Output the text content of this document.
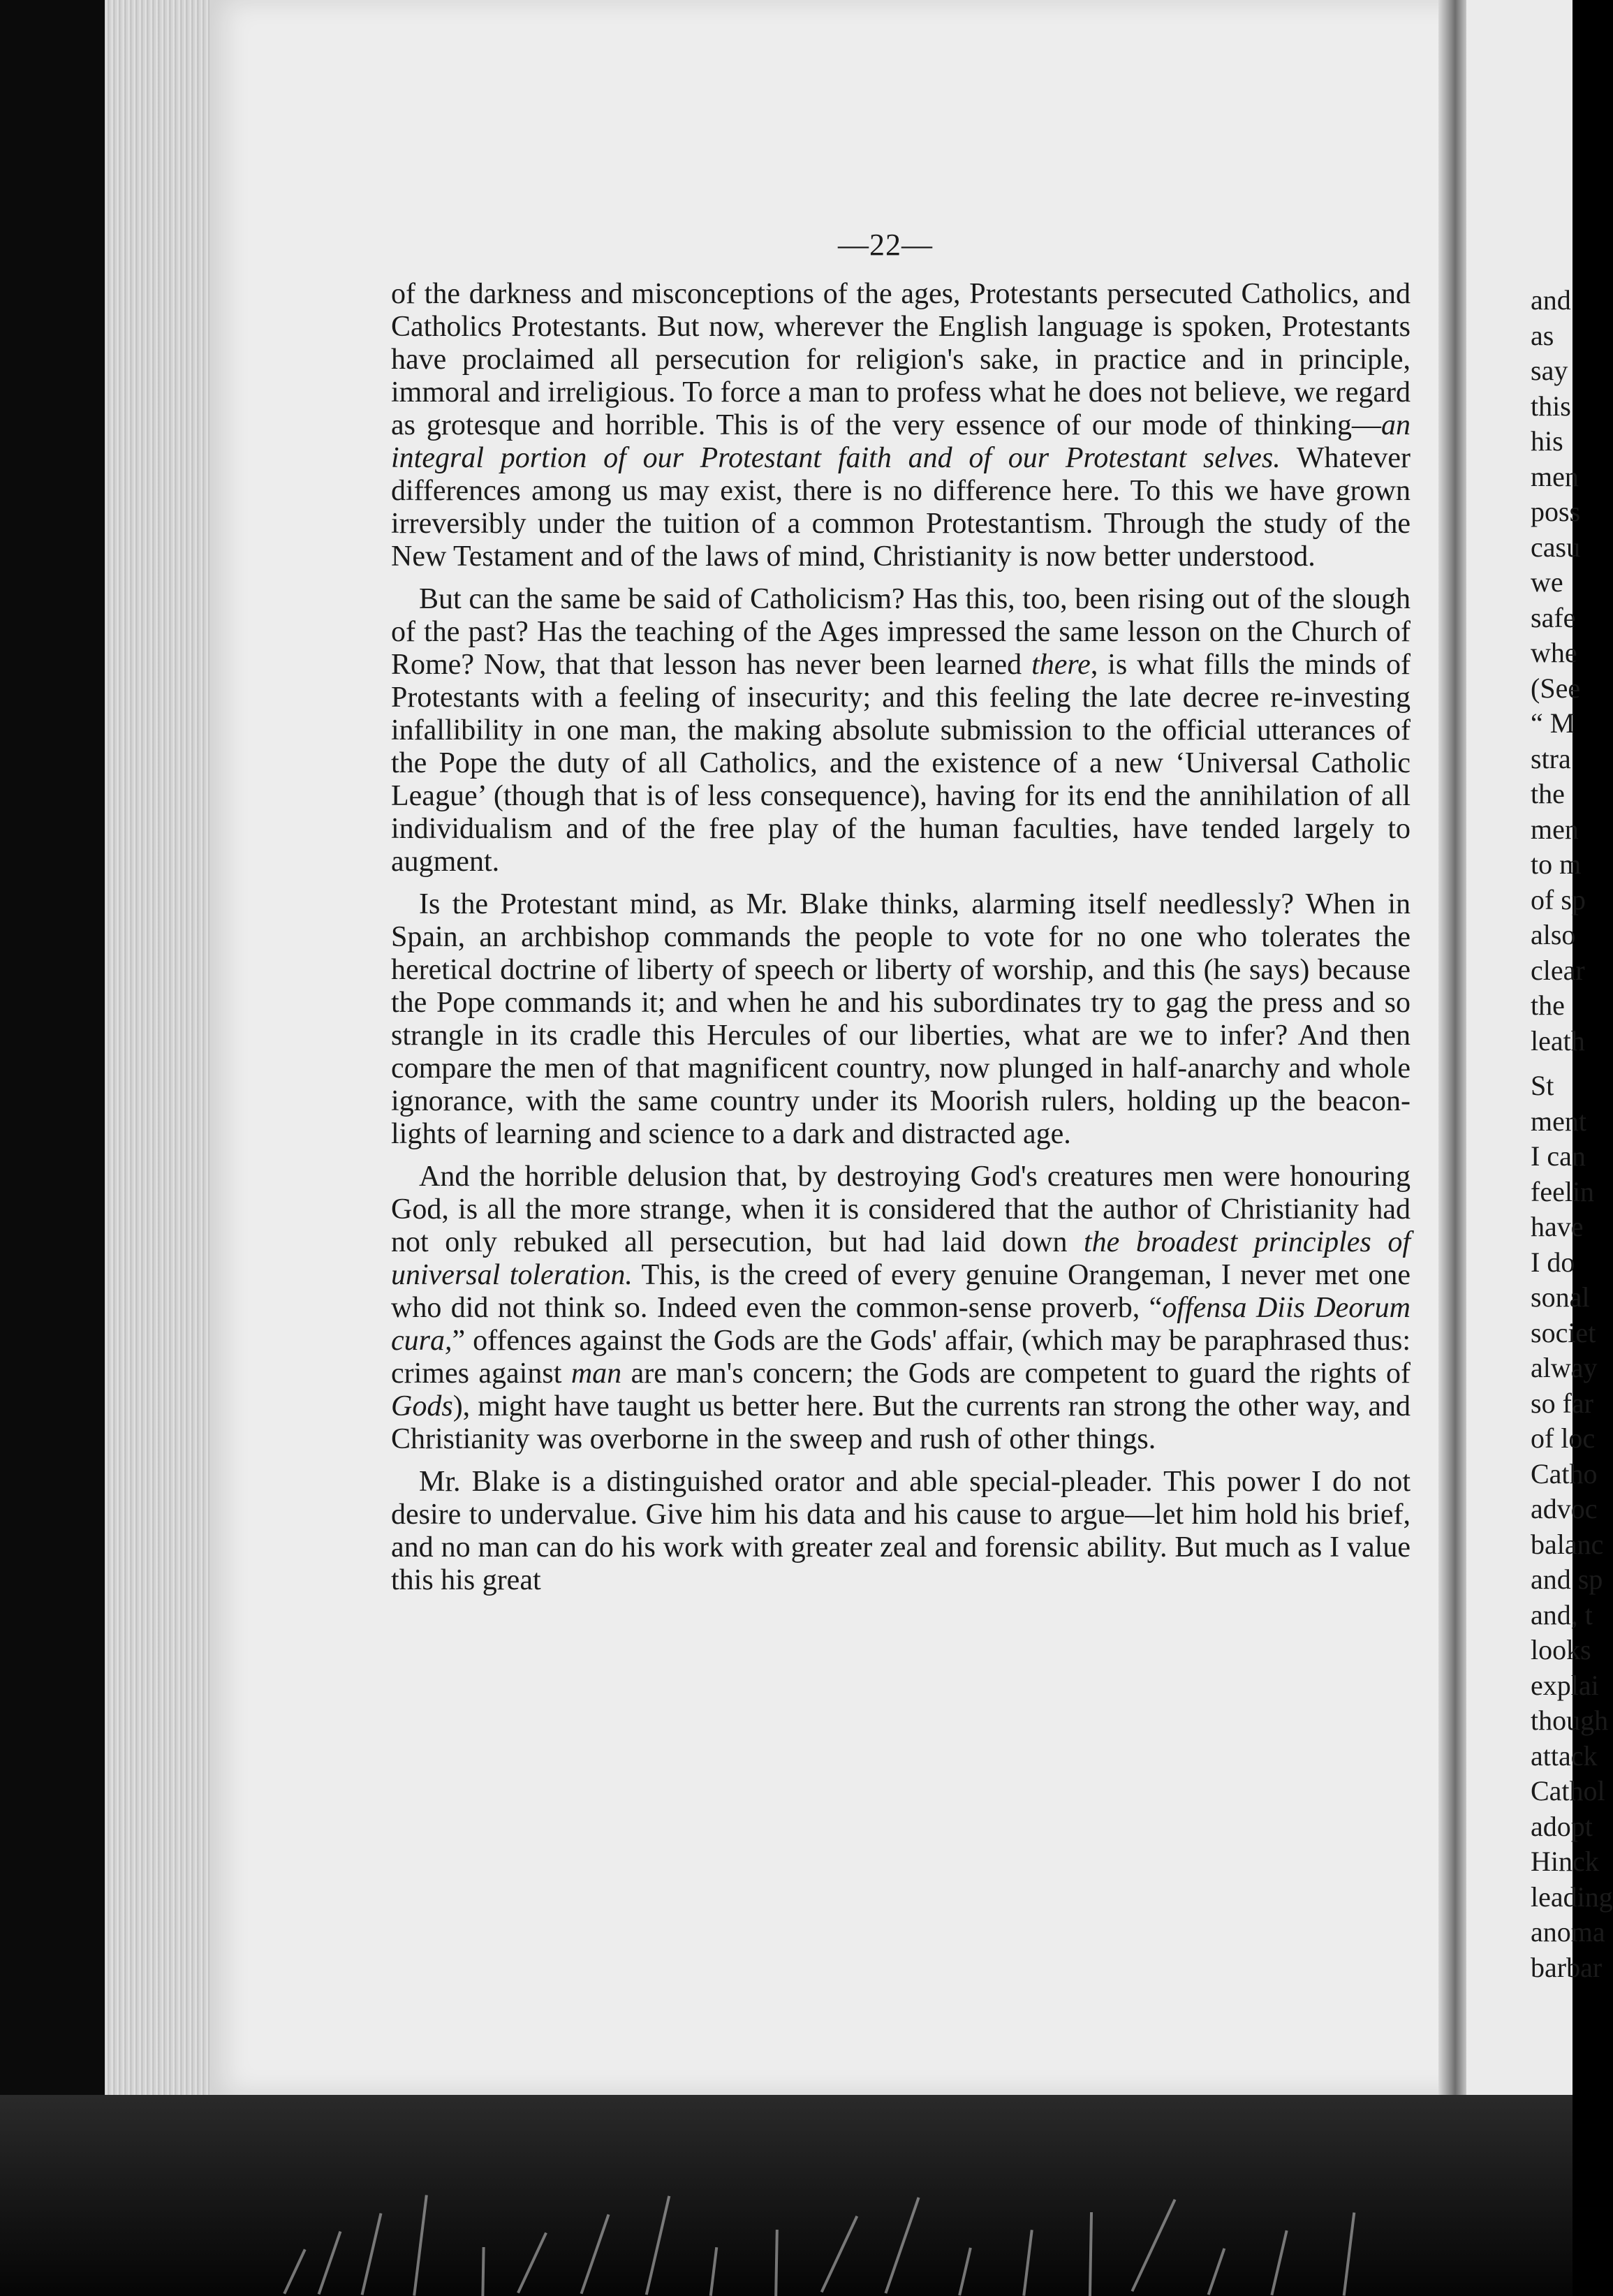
and
as
say
this
his
men
poss
casu
we
safe
whe
(See
“ M
stra
the
men
to m
of sp
also
clear
the
leath
St
ment
I can
feelin
have
I do
sonal
societ
alway
so far
of loc
Catho
advoc
balanc
and sp
and, t
looks
explai
though
attack
Cathol
adopt
Hinck
leading
anoma
barbar
—22—

of the darkness and misconceptions of the ages, Protestants persecuted Catholics, and Catholics Protestants. But now, wherever the English language is spoken, Protestants have proclaimed all persecution for religion's sake, in practice and in principle, immoral and irreligious. To force a man to profess what he does not believe, we regard as grotesque and horrible. This is of the very essence of our mode of thinking—an integral portion of our Protestant faith and of our Protestant selves. Whatever differences among us may exist, there is no difference here. To this we have grown irreversibly under the tuition of a common Protestantism. Through the study of the New Testament and of the laws of mind, Christianity is now better understood.

But can the same be said of Catholicism? Has this, too, been rising out of the slough of the past? Has the teaching of the Ages impressed the same lesson on the Church of Rome? Now, that that lesson has never been learned there, is what fills the minds of Protestants with a feeling of insecurity; and this feeling the late decree re-investing infallibility in one man, the making absolute submission to the official utterances of the Pope the duty of all Catholics, and the existence of a new ‘Universal Catholic League’ (though that is of less consequence), having for its end the annihilation of all individualism and of the free play of the human faculties, have tended largely to augment.

Is the Protestant mind, as Mr. Blake thinks, alarming itself needlessly? When in Spain, an archbishop commands the people to vote for no one who tolerates the heretical doctrine of liberty of speech or liberty of worship, and this (he says) because the Pope commands it; and when he and his subordinates try to gag the press and so strangle in its cradle this Hercules of our liberties, what are we to infer? And then compare the men of that magnificent country, now plunged in half-anarchy and whole ignorance, with the same country under its Moorish rulers, holding up the beacon-lights of learning and science to a dark and distracted age.

And the horrible delusion that, by destroying God's creatures men were honouring God, is all the more strange, when it is considered that the author of Christianity had not only rebuked all persecution, but had laid down the broadest principles of universal toleration. This, is the creed of every genuine Orangeman, I never met one who did not think so. Indeed even the common-sense proverb, “offensa Diis Deorum cura,” offences against the Gods are the Gods' affair, (which may be paraphrased thus: crimes against man are man's concern; the Gods are competent to guard the rights of Gods), might have taught us better here. But the currents ran strong the other way, and Christianity was overborne in the sweep and rush of other things.

Mr. Blake is a distinguished orator and able special-pleader. This power I do not desire to undervalue. Give him his data and his cause to argue—let him hold his brief, and no man can do his work with greater zeal and forensic ability. But much as I value this his great
